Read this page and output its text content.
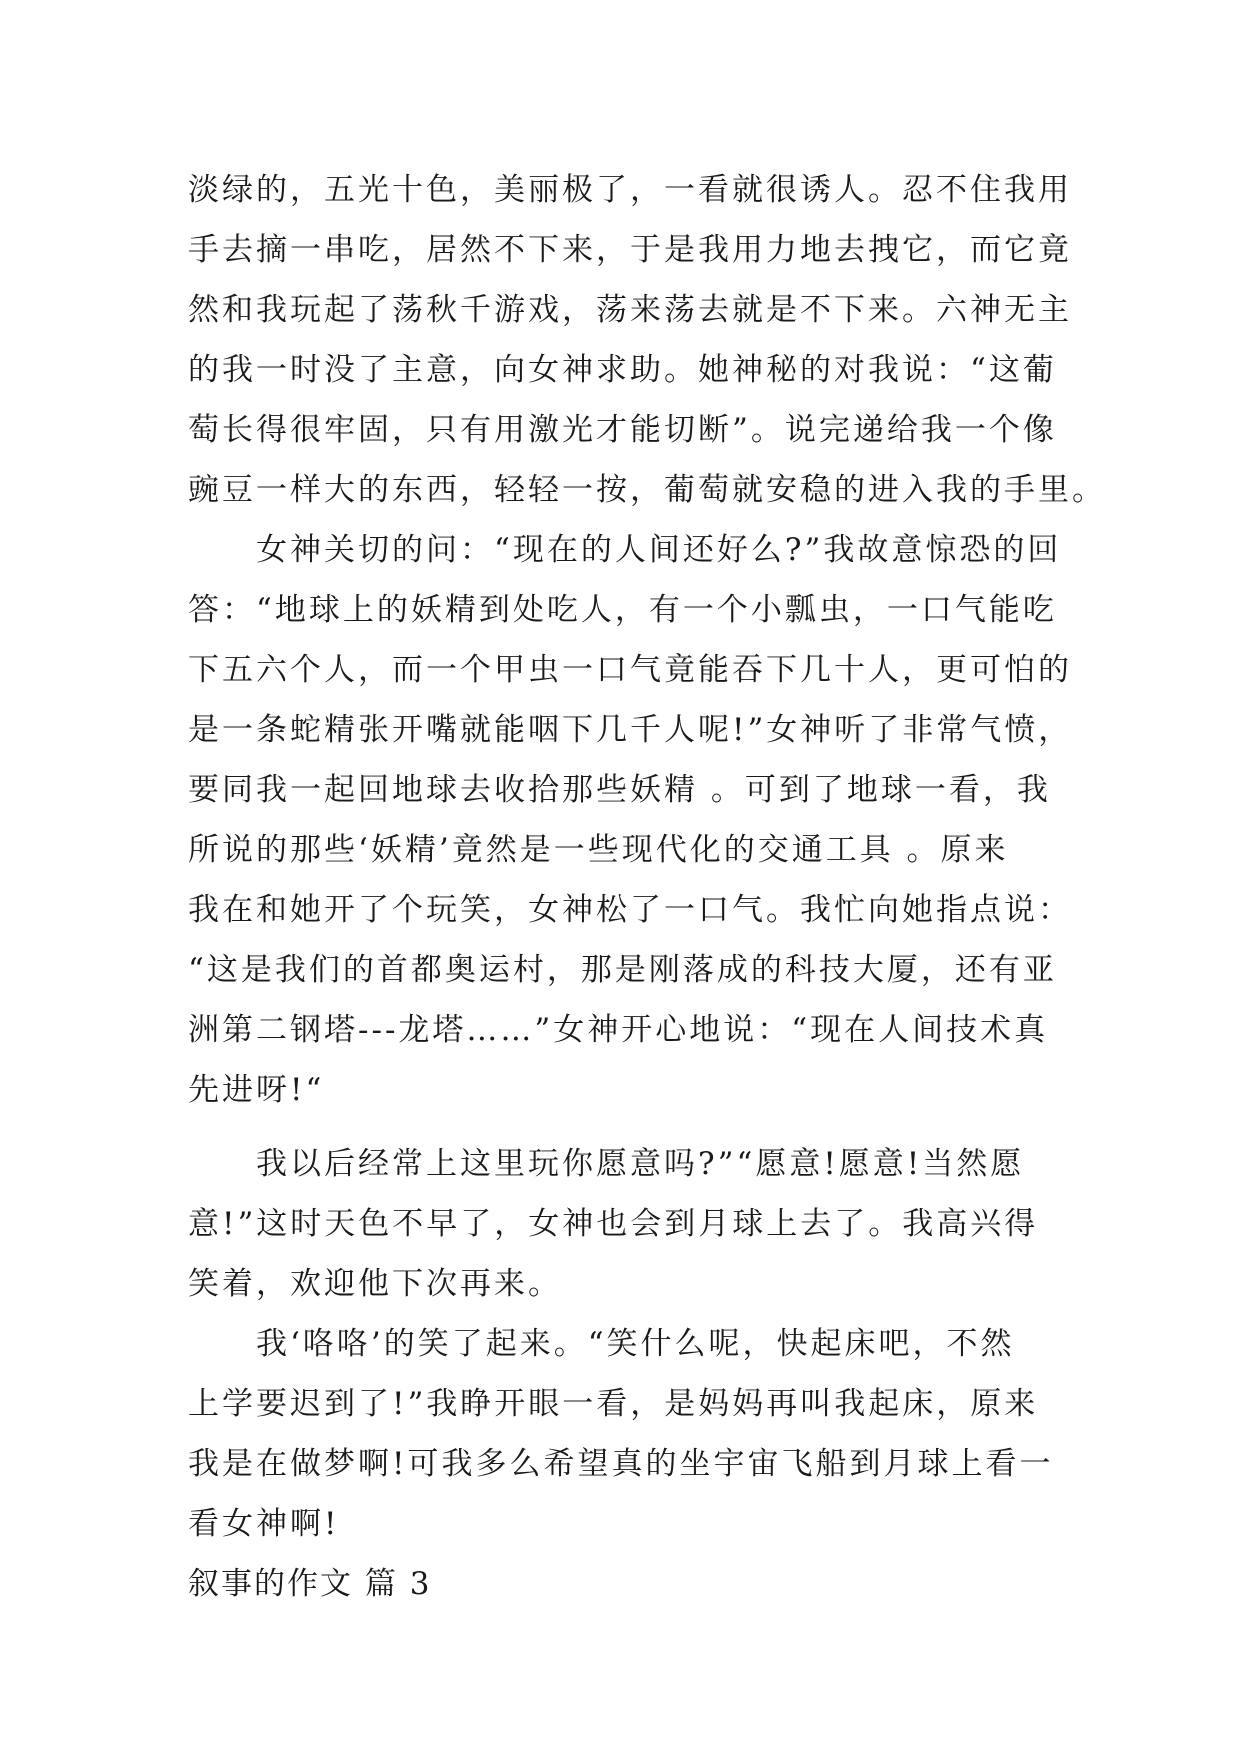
淡绿的，五光十色，美丽极了，一看就很诱人。忍不住我用
手去摘一串吃，居然不下来，于是我用力地去拽它，而它竟
然和我玩起了荡秋千游戏，荡来荡去就是不下来。六神无主
的我一时没了主意，向女神求助。她神秘的对我说：“这葡
萄长得很牢固，只有用激光才能切断”。说完递给我一个像
豌豆一样大的东西，轻轻一按，葡萄就安稳的进入我的手里。
女神关切的问：“现在的人间还好么?”我故意惊恐的回
答：“地球上的妖精到处吃人，有一个小瓢虫，一口气能吃
下五六个人，而一个甲虫一口气竟能吞下几十人，更可怕的
是一条蛇精张开嘴就能咽下几千人呢!”女神听了非常气愤，
要同我一起回地球去收拾那些妖精 。可到了地球一看，我
所说的那些‘妖精’竟然是一些现代化的交通工具 。原来
我在和她开了个玩笑，女神松了一口气。我忙向她指点说：
“这是我们的首都奥运村，那是刚落成的科技大厦，还有亚
洲第二钢塔---龙塔……”女神开心地说：“现在人间技术真
先进呀!“
我以后经常上这里玩你愿意吗?”“愿意!愿意!当然愿
意!”这时天色不早了，女神也会到月球上去了。我高兴得
笑着，欢迎他下次再来。
我‘咯咯’的笑了起来。“笑什么呢，快起床吧，不然
上学要迟到了!”我睁开眼一看，是妈妈再叫我起床，原来
我是在做梦啊!可我多么希望真的坐宇宙飞船到月球上看一
看女神啊!
叙事的作文 篇 3
